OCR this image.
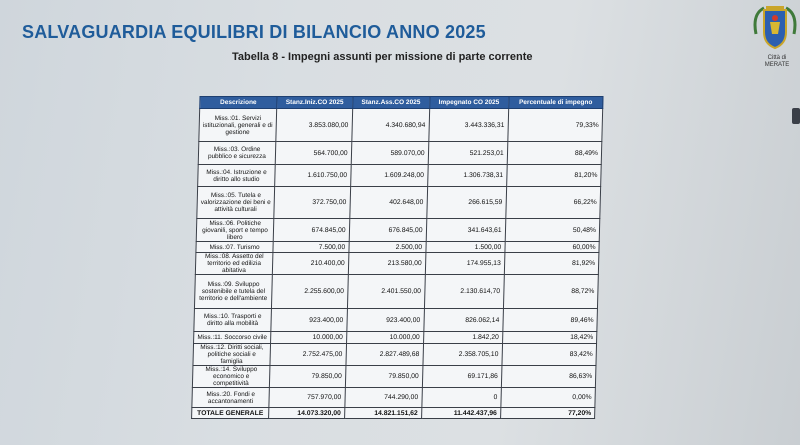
SALVAGUARDIA EQUILIBRI DI BILANCIO ANNO 2025
Tabella 8 - Impegni assunti per missione di parte corrente	Città di MERATE
Descrizione	Stanz.Iniz.CO 2025	Stanz.Ass.CO 2025	Impegnato CO 2025	Percentuale di impegno
Miss.:01. Servizi istituzionali, generali e di gestione	3.853.080,00	4.340.680,94	3.443.336,31	79,33%
Miss.:03. Ordine pubblico e sicurezza	564.700,00	589.070,00	521.253,01	88,49%
Miss.:04. Istruzione e diritto allo studio	1.610.750,00	1.609.248,00	1.306.738,31	81,20%
Miss.:05. Tutela e valorizzazione dei beni e attività culturali	372.750,00	402.648,00	266.615,59	66,22%
Miss.:06. Politiche giovanili, sport e tempo libero	674.845,00	676.845,00	341.643,61	50,48%
Miss.:07. Turismo	7.500,00	2.500,00	1.500,00	60,00%
Miss.:08. Assetto del territorio ed edilizia abitativa	210.400,00	213.580,00	174.955,13	81,92%
Miss.:09. Sviluppo sostenibile e tutela del territorio e dell'ambiente	2.255.600,00	2.401.550,00	2.130.614,70	88,72%
Miss.:10. Trasporti e diritto alla mobilità	923.400,00	923.400,00	826.062,14	89,46%
Miss.:11. Soccorso civile	10.000,00	10.000,00	1.842,20	18,42%
Miss.:12. Diritti sociali, politiche sociali e famiglia	2.752.475,00	2.827.489,68	2.358.705,10	83,42%
Miss.:14. Sviluppo economico e competitività	79.850,00	79.850,00	69.171,86	86,63%
Miss.:20. Fondi e accantonamenti	757.970,00	744.290,00	0	0,00%
TOTALE GENERALE	14.073.320,00	14.821.151,62	11.442.437,96	77,20%
